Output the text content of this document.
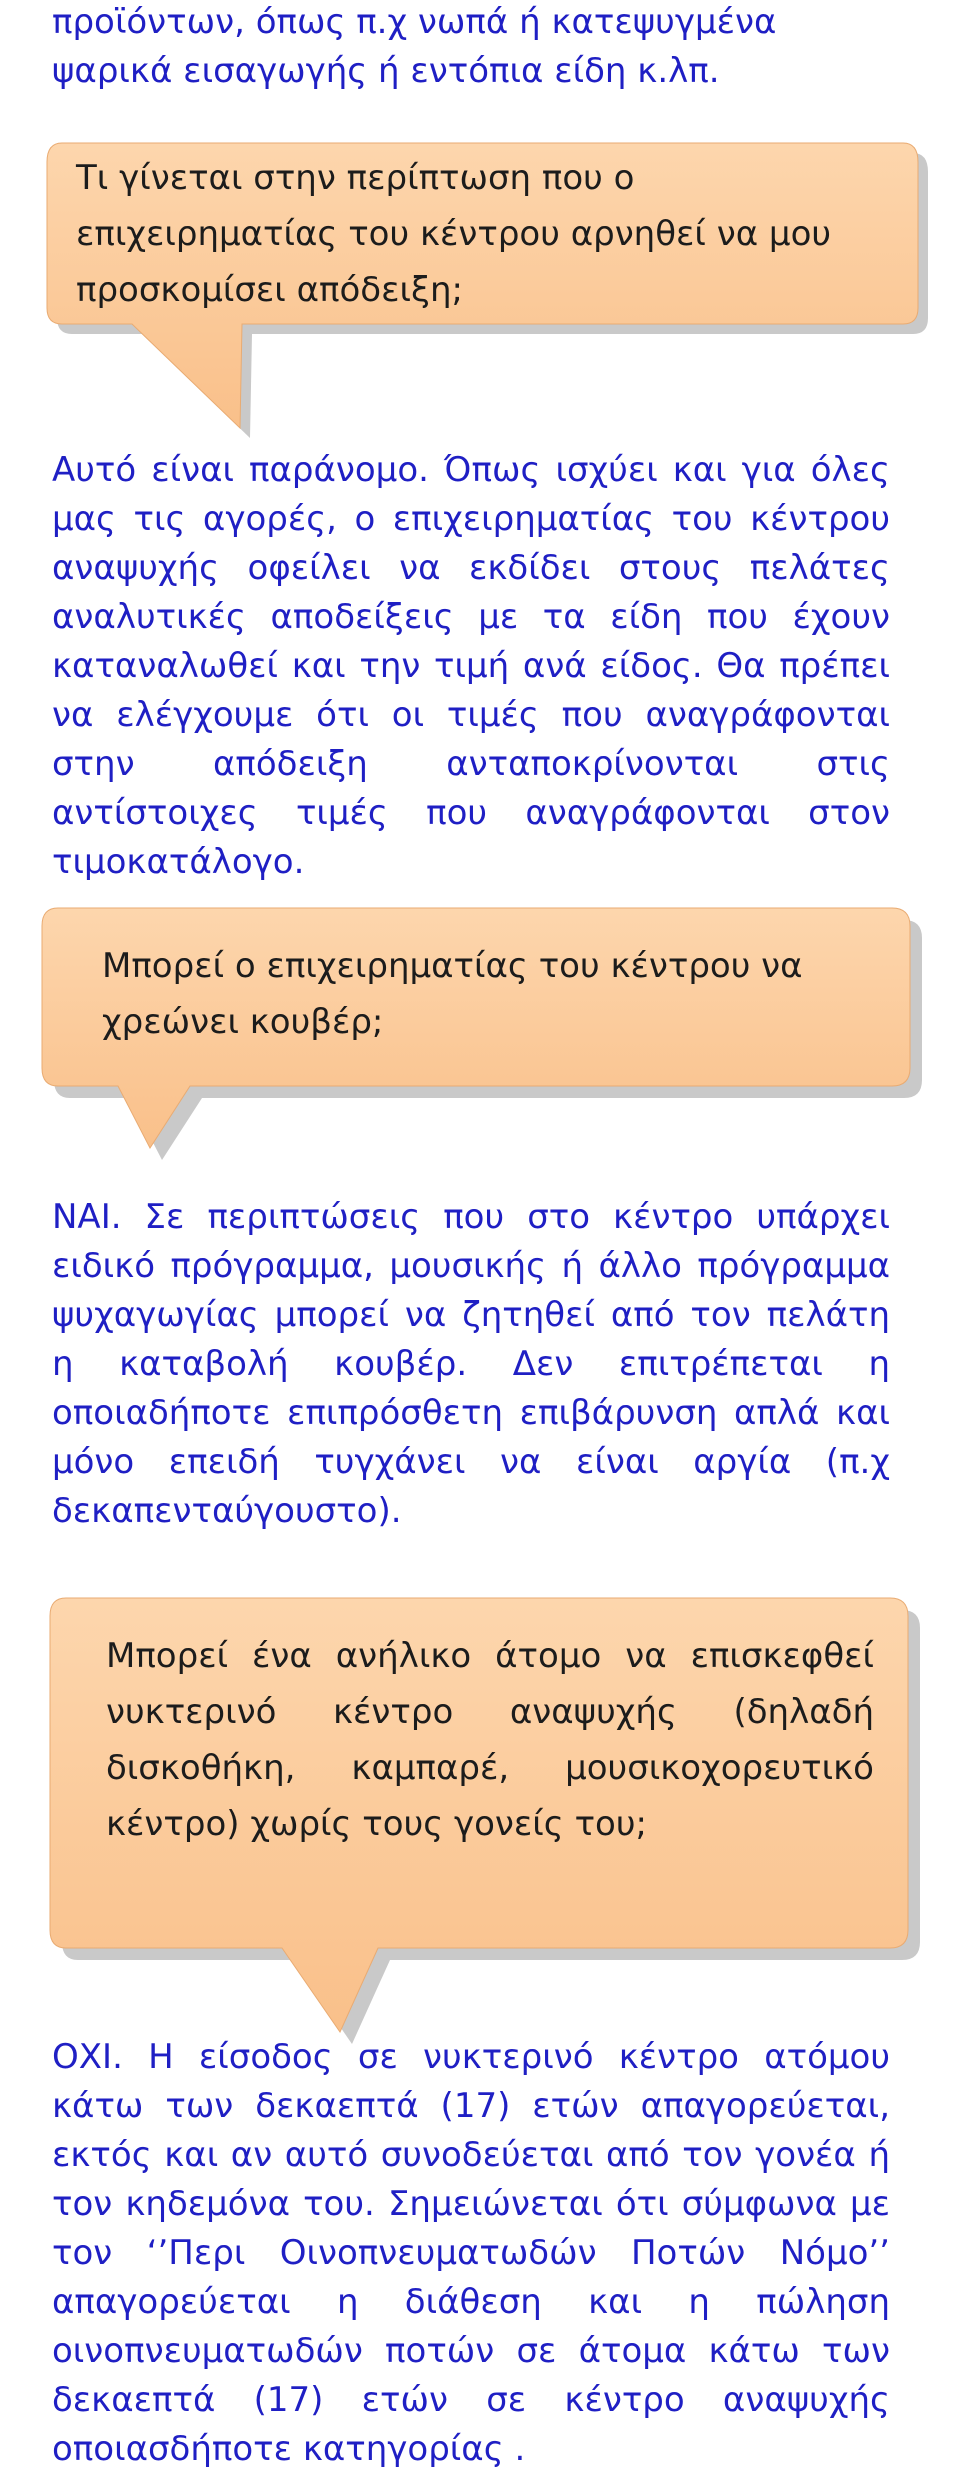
προϊόντων, όπως π.χ νωπά ή κατεψυγμένα
ψαρικά εισαγωγής ή εντόπια είδη κ.λπ.

Τι γίνεται στην περίπτωση που ο
επιχειρηματίας του κέντρου αρνηθεί να μου
προσκομίσει απόδειξη;

Αυτό είναι παράνομο. Όπως ισχύει και για όλες μας τις αγορές, ο επιχειρηματίας του κέντρου αναψυχής οφείλει να εκδίδει στους πελάτες αναλυτικές αποδείξεις με τα είδη που έχουν καταναλωθεί και την τιμή ανά είδος. Θα πρέπει να ελέγχουμε ότι οι τιμές που αναγράφονται στην απόδειξη ανταποκρίνονται στις αντίστοιχες τιμές που αναγράφονται στον τιμοκατάλογο.

Μπορεί ο επιχειρηματίας του κέντρου να
χρεώνει κουβέρ;

ΝΑΙ. Σε περιπτώσεις που στο κέντρο υπάρχει ειδικό πρόγραμμα, μουσικής ή άλλο πρόγραμμα ψυχαγωγίας μπορεί να ζητηθεί από τον πελάτη η καταβολή κουβέρ. Δεν επιτρέπεται η οποιαδήποτε επιπρόσθετη επιβάρυνση απλά και μόνο επειδή τυγχάνει να είναι αργία (π.χ δεκαπενταύγουστο).

Μπορεί ένα ανήλικο άτομο να επισκεφθεί νυκτερινό κέντρο αναψυχής (δηλαδή δισκοθήκη, καμπαρέ, μουσικοχορευτικό κέντρο) χωρίς τους γονείς του;

ΟΧΙ. Η είσοδος σε νυκτερινό κέντρο ατόμου κάτω των δεκαεπτά (17) ετών απαγορεύεται, εκτός και αν αυτό συνοδεύεται από τον γονέα ή τον κηδεμόνα του. Σημειώνεται ότι σύμφωνα με τον ‘’Περι Οινοπνευματωδών Ποτών Νόμο’’ απαγορεύεται η διάθεση και η πώληση οινοπνευματωδών ποτών σε άτομα κάτω των δεκαεπτά (17) ετών σε κέντρο αναψυχής οποιασδήποτε κατηγορίας .
